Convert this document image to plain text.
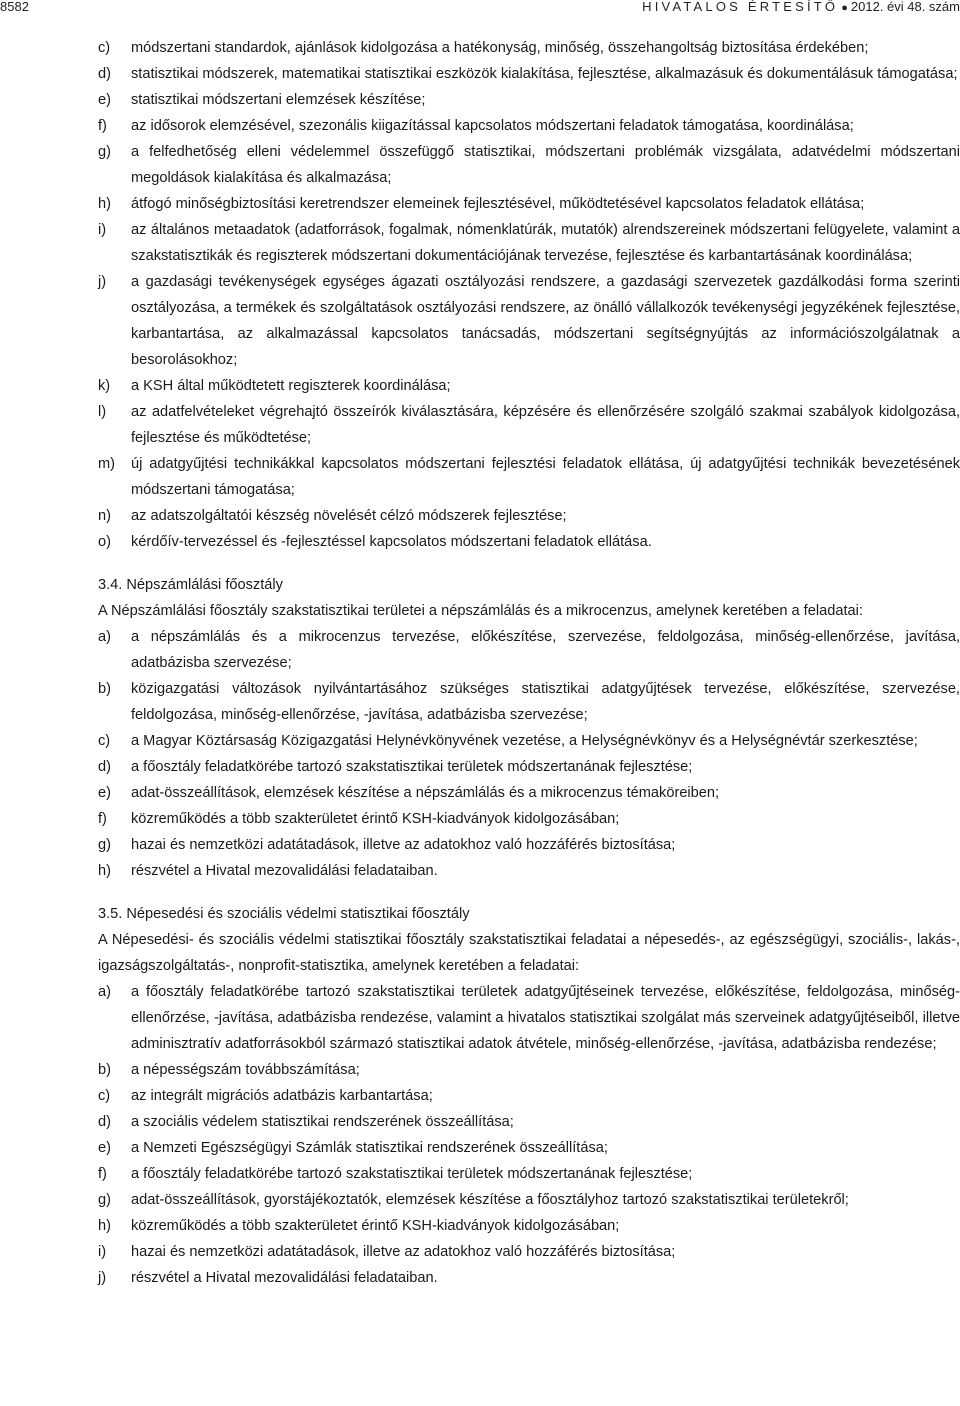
8582	HIVATALOS ÉRTESÍTŐ ● 2012. évi 48. szám
c)	módszertani standardok, ajánlások kidolgozása a hatékonyság, minőség, összehangoltság biztosítása érdekében;
d)	statisztikai módszerek, matematikai statisztikai eszközök kialakítása, fejlesztése, alkalmazásuk és dokumentálásuk támogatása;
e)	statisztikai módszertani elemzések készítése;
f)	az idősorok elemzésével, szezonális kiigazítással kapcsolatos módszertani feladatok támogatása, koordinálása;
g)	a felfedhetőség elleni védelemmel összefüggő statisztikai, módszertani problémák vizsgálata, adatvédelmi módszertani megoldások kialakítása és alkalmazása;
h)	átfogó minőségbiztosítási keretrendszer elemeinek fejlesztésével, működtetésével kapcsolatos feladatok ellátása;
i)	az általános metaadatok (adatforrások, fogalmak, nómenklatúrák, mutatók) alrendszereinek módszertani felügyelete, valamint a szakstatisztikák és regiszterek módszertani dokumentációjának tervezése, fejlesztése és karbantartásának koordinálása;
j)	a gazdasági tevékenységek egységes ágazati osztályozási rendszere, a gazdasági szervezetek gazdálkodási forma szerinti osztályozása, a termékek és szolgáltatások osztályozási rendszere, az önálló vállalkozók tevékenységi jegyzékének fejlesztése, karbantartása, az alkalmazással kapcsolatos tanácsadás, módszertani segítségnyújtás az információszolgálatnak a besorolásokhoz;
k)	a KSH által működtetett regiszterek koordinálása;
l)	az adatfelvételeket végrehajtó összeírók kiválasztására, képzésére és ellenőrzésére szolgáló szakmai szabályok kidolgozása, fejlesztése és működtetése;
m)	új adatgyűjtési technikákkal kapcsolatos módszertani fejlesztési feladatok ellátása, új adatgyűjtési technikák bevezetésének módszertani támogatása;
n)	az adatszolgáltatói készség növelését célzó módszerek fejlesztése;
o)	kérdőív-tervezéssel és -fejlesztéssel kapcsolatos módszertani feladatok ellátása.
3.4. Népszámlálási főosztály
A Népszámlálási főosztály szakstatisztikai területei a népszámlálás és a mikrocenzus, amelynek keretében a feladatai:
a)	a népszámlálás és a mikrocenzus tervezése, előkészítése, szervezése, feldolgozása, minőség-ellenőrzése, javítása, adatbázisba szervezése;
b)	közigazgatási változások nyilvántartásához szükséges statisztikai adatgyűjtések tervezése, előkészítése, szervezése, feldolgozása, minőség-ellenőrzése, -javítása, adatbázisba szervezése;
c)	a Magyar Köztársaság Közigazgatási Helynévkönyvének vezetése, a Helységnévkönyv és a Helységnévtár szerkesztése;
d)	a főosztály feladatkörébe tartozó szakstatisztikai területek módszertanának fejlesztése;
e)	adat-összeállítások, elemzések készítése a népszámlálás és a mikrocenzus témaköreiben;
f)	közreműködés a több szakterületet érintő KSH-kiadványok kidolgozásában;
g)	hazai és nemzetközi adatátadások, illetve az adatokhoz való hozzáférés biztosítása;
h)	részvétel a Hivatal mezovalidálási feladataiban.
3.5. Népesedési és szociális védelmi statisztikai főosztály
A Népesedési- és szociális védelmi statisztikai főosztály szakstatisztikai feladatai a népesedés-, az egészségügyi, szociális-, lakás-, igazságszolgáltatás-, nonprofit-statisztika, amelynek keretében a feladatai:
a)	a főosztály feladatkörébe tartozó szakstatisztikai területek adatgyűjtéseinek tervezése, előkészítése, feldolgozása, minőség-ellenőrzése, -javítása, adatbázisba rendezése, valamint a hivatalos statisztikai szolgálat más szerveinek adatgyűjtéseiből, illetve adminisztratív adatforrásokból származó statisztikai adatok átvétele, minőség-ellenőrzése, -javítása, adatbázisba rendezése;
b)	a népességszám továbbszámítása;
c)	az integrált migrációs adatbázis karbantartása;
d)	a szociális védelem statisztikai rendszerének összeállítása;
e)	a Nemzeti Egészségügyi Számlák statisztikai rendszerének összeállítása;
f)	a főosztály feladatkörébe tartozó szakstatisztikai területek módszertanának fejlesztése;
g)	adat-összeállítások, gyorstájékoztatók, elemzések készítése a főosztályhoz tartozó szakstatisztikai területekről;
h)	közreműködés a több szakterületet érintő KSH-kiadványok kidolgozásában;
i)	hazai és nemzetközi adatátadások, illetve az adatokhoz való hozzáférés biztosítása;
j)	részvétel a Hivatal mezovalidálási feladataiban.
